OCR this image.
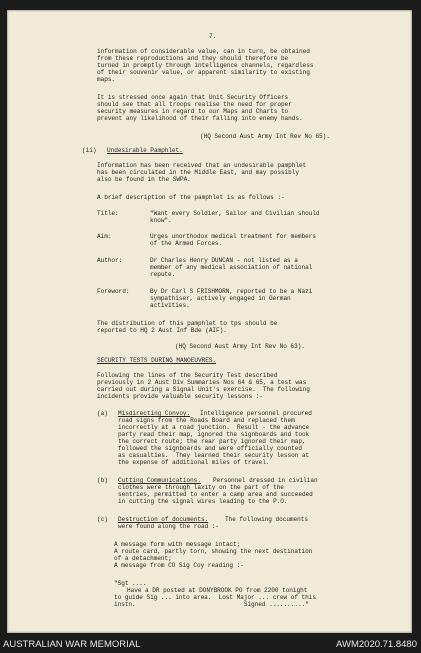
7.
information of considerable value, can in turn, be obtained
from these reproductions and they should therefore be
turned in promptly through intelligence channels, regardless
of their souvenir value, or apparent similarity to existing
maps.
It is stressed once again that Unit Security Officers
should see that all troops realise the need for proper
security measures in regard to our Maps and Charts to
prevent any likelihood of their falling into enemy hands.
(HQ Second Aust Army Int Rev No 65).
(ii) Undesirable Pamphlet.
Information has been received that an undesirable pamphlet
has been circulated in the Middle East, and may possibly
also be found in the SWPA.
A brief description of the pamphlet is as follows :-
Title:	"Want every Soldier, Sailor and Civilian should
know".
Aim:	Urges unorthodox medical treatment for members
of the Armed Forces.
Author:	Dr Charles Henry DUNCAN - not listed as a
member of any medical association of national
repute.
Foreword:	By Dr Carl S FRISHMORN, reported to be a Nazi
sympathiser, actively engaged in German
activities.
The distribution of this pamphlet to tps should be
reported to HQ 2 Aust Inf Bde (AIF).
(HQ Second Aust Army Int Rev No 63).
SECURITY TESTS DURING MANOEUVRES.
Following the lines of the Security Test described
previously in 2 Aust Div Summaries Nos 64 & 65, a test was
carried out during a Signal Unit's exercise.  The following
incidents provide valuable security lessons :-
(a) Misdirecting Convoy. Intelligence personnel procured
road signs from the Roads Board and replaced them
incorrectly at a road junction.  Result - the advance
party read their map, ignored the signboards and took
the correct route; the rear party ignored their map,
followed the signboards and were officially counted
as casualties.  They learned their security lesson at
the expense of additional miles of travel.
(b) Cutting Communications. Personnel dressed in civilian
clothes were through laxity on the part of the
sentries, permitted to enter a camp area and succeeded
in cutting the signal wires leading to the P.O.
(c) Destruction of documents.	The following documents
were found along the road :-
A message form with message intact;
A route card, partly torn, showing the next destination
of a detachment;
A message from CO Sig Coy reading :-
"Sgt ....
Have a DR posted at DONYBROOK PO from 2200 tonight
to guide Sig ... into area.  Lost Major ... crew of this
instn.                              Signed .........."
AUSTRALIAN WAR MEMORIAL	AWM2020.71.8480
